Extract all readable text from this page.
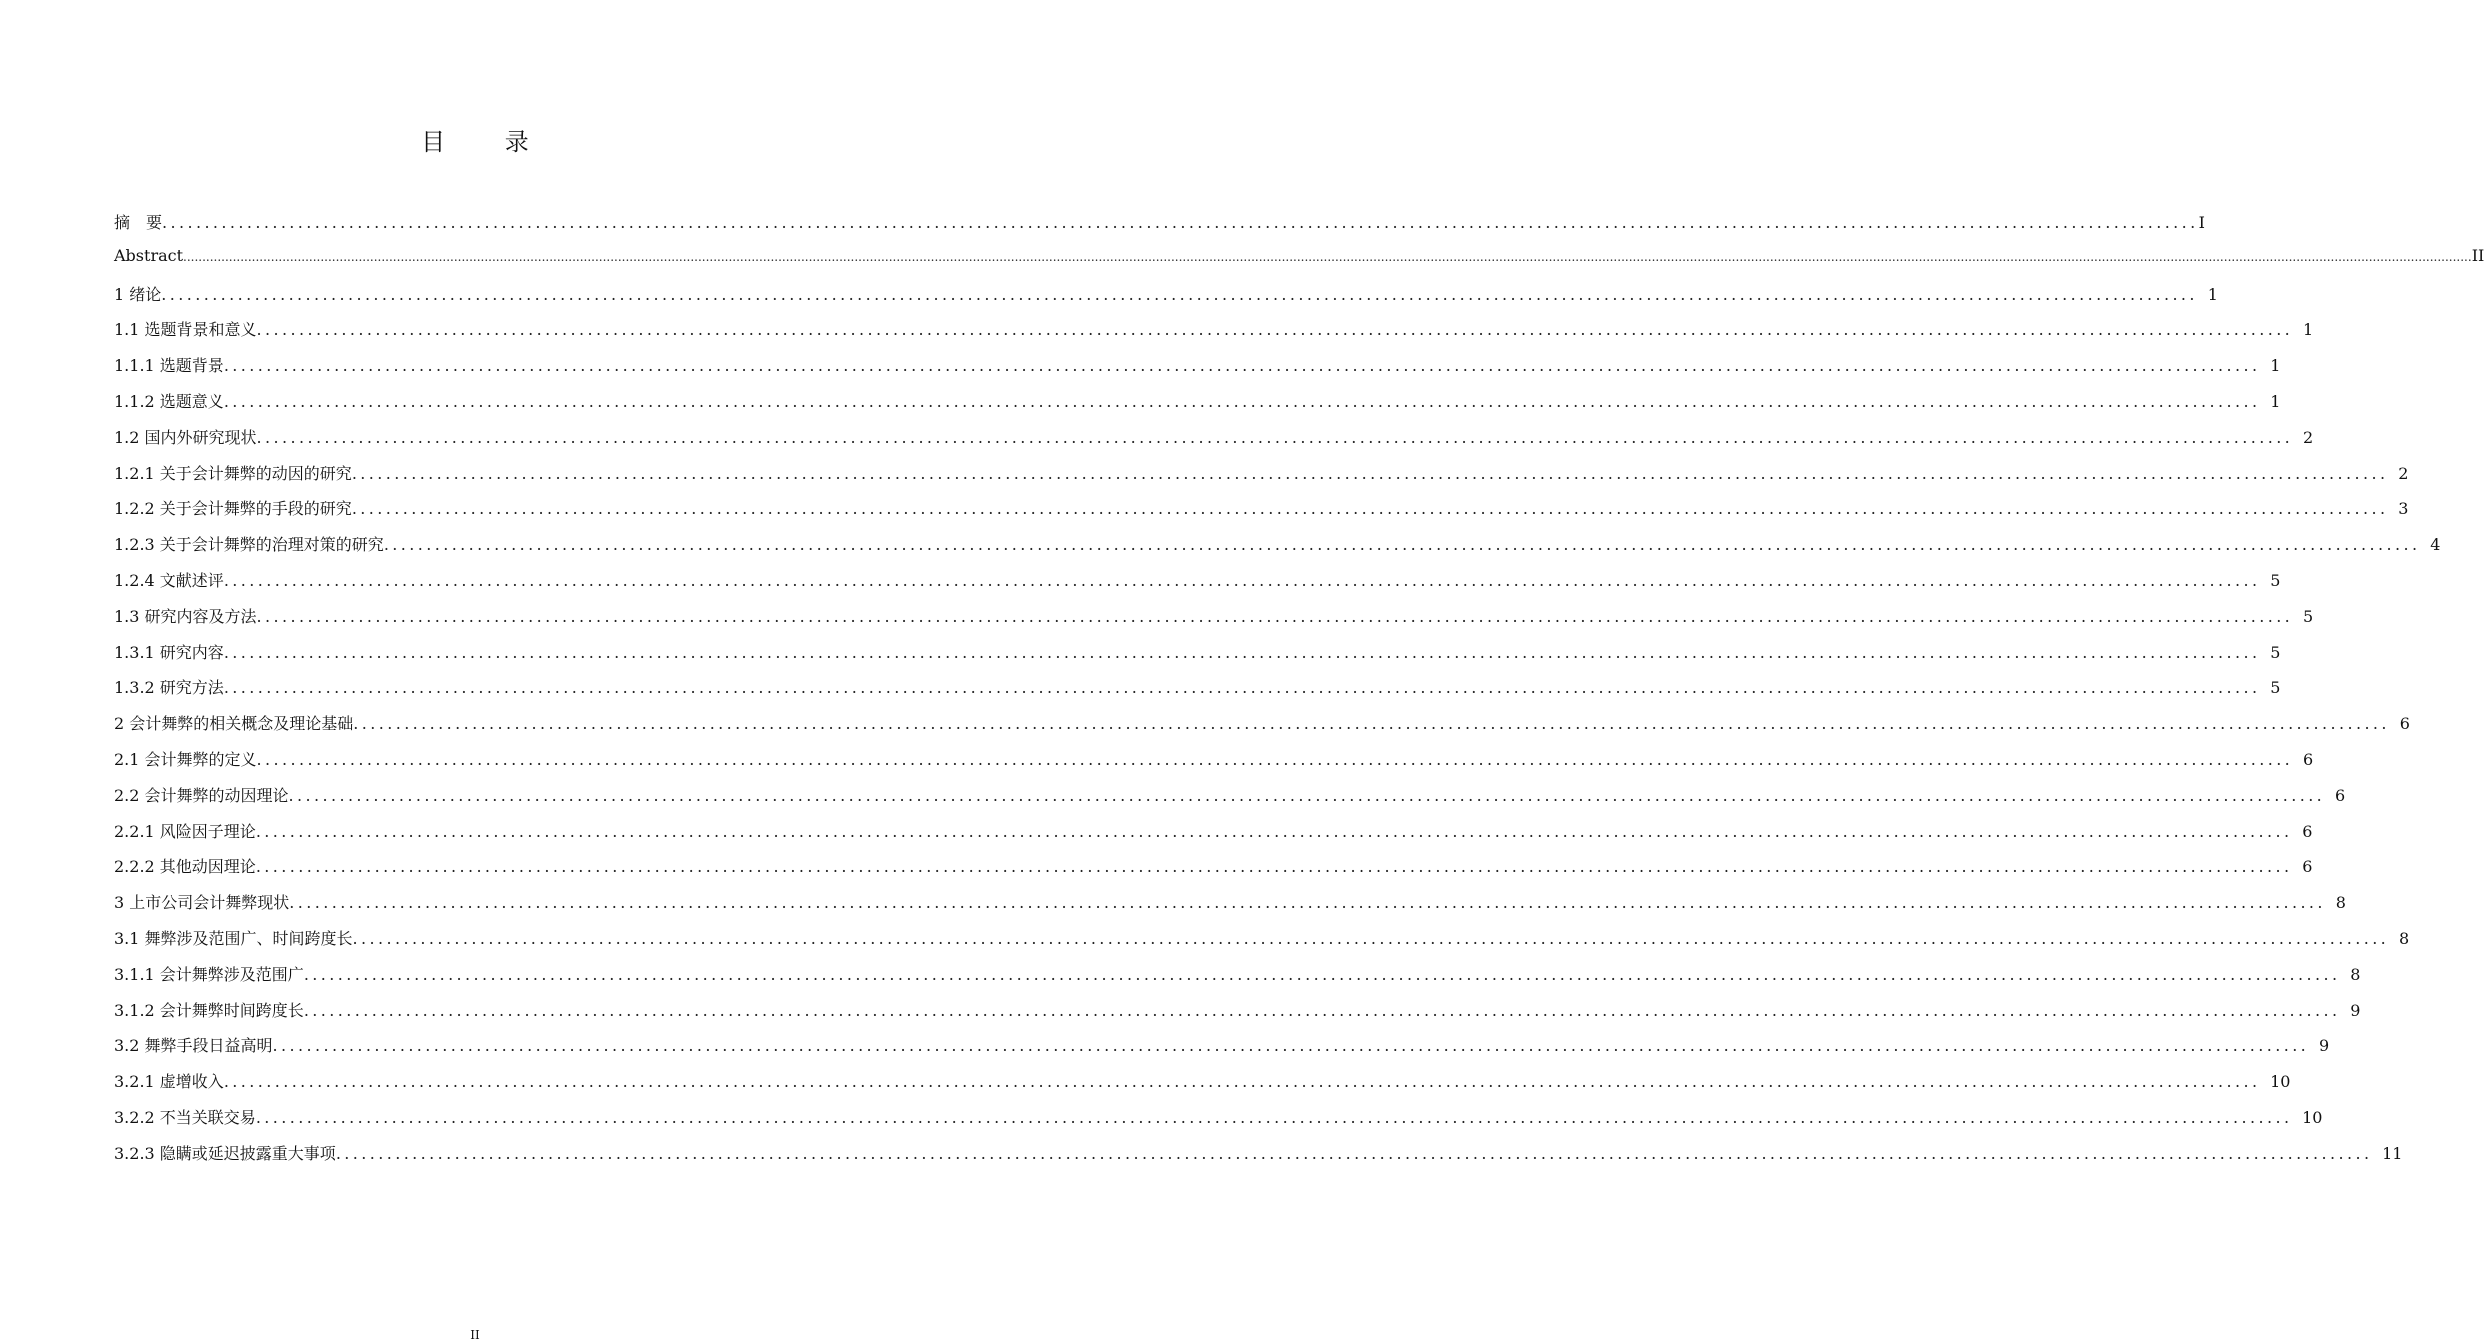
目 录
摘　要 ................................................................................................................................................................................................................................................ I
Abstract ........................................................................................................................................................................................................................................................................................................................................................................................................................................................................................................................................................................................................................ II
1 绪论 ................................................................................................................................................................................................................................................ 1
1.1 选题背景和意义 ................................................................................................................................................................................................................................................ 1
1.1.1 选题背景 ................................................................................................................................................................................................................................................ 1
1.1.2 选题意义 ................................................................................................................................................................................................................................................ 1
1.2 国内外研究现状 ................................................................................................................................................................................................................................................ 2
1.2.1 关于会计舞弊的动因的研究 ................................................................................................................................................................................................................................................ 2
1.2.2 关于会计舞弊的手段的研究 ................................................................................................................................................................................................................................................ 3
1.2.3 关于会计舞弊的治理对策的研究 ................................................................................................................................................................................................................................................ 4
1.2.4 文献述评 ................................................................................................................................................................................................................................................ 5
1.3 研究内容及方法 ................................................................................................................................................................................................................................................ 5
1.3.1 研究内容 ................................................................................................................................................................................................................................................ 5
1.3.2 研究方法 ................................................................................................................................................................................................................................................ 5
2 会计舞弊的相关概念及理论基础 ................................................................................................................................................................................................................................................ 6
2.1 会计舞弊的定义 ................................................................................................................................................................................................................................................ 6
2.2 会计舞弊的动因理论 ................................................................................................................................................................................................................................................ 6
2.2.1 风险因子理论 ................................................................................................................................................................................................................................................ 6
2.2.2 其他动因理论 ................................................................................................................................................................................................................................................ 6
3 上市公司会计舞弊现状 ................................................................................................................................................................................................................................................ 8
3.1 舞弊涉及范围广、时间跨度长 ................................................................................................................................................................................................................................................ 8
3.1.1 会计舞弊涉及范围广 ................................................................................................................................................................................................................................................ 8
3.1.2 会计舞弊时间跨度长 ................................................................................................................................................................................................................................................ 9
3.2 舞弊手段日益高明 ................................................................................................................................................................................................................................................ 9
3.2.1 虚增收入 ................................................................................................................................................................................................................................................ 10
3.2.2 不当关联交易 ................................................................................................................................................................................................................................................ 10
3.2.3 隐瞒或延迟披露重大事项 ................................................................................................................................................................................................................................................ 11
II
